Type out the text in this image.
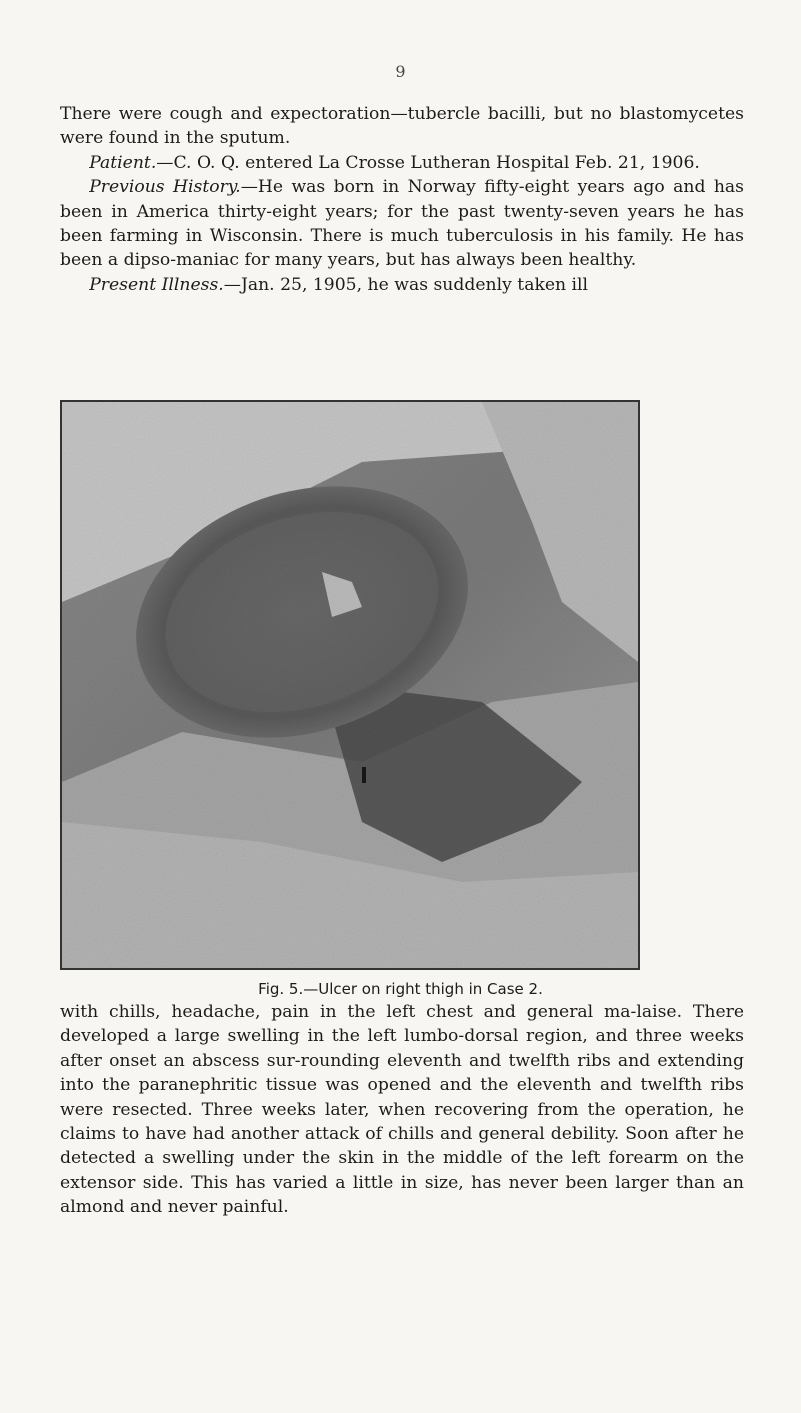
9

There were cough and expectoration—tubercle bacilli, but no blastomycetes were found in the sputum.

Patient.—C. O. Q. entered La Crosse Lutheran Hospital Feb. 21, 1906.

Previous History.—He was born in Norway fifty-eight years ago and has been in America thirty-eight years; for the past twenty-seven years he has been farming in Wisconsin. There is much tuberculosis in his family. He has been a dipso-maniac for many years, but has always been healthy.

Present Illness.—Jan. 25, 1905, he was suddenly taken ill

Fig. 5.—Ulcer on right thigh in Case 2.

with chills, headache, pain in the left chest and general ma-laise. There developed a large swelling in the left lumbo-dorsal region, and three weeks after onset an abscess sur-rounding eleventh and twelfth ribs and extending into the paranephritic tissue was opened and the eleventh and twelfth ribs were resected. Three weeks later, when recovering from the operation, he claims to have had another attack of chills and general debility. Soon after he detected a swelling under the skin in the middle of the left forearm on the extensor side. This has varied a little in size, has never been larger than an almond and never painful.
